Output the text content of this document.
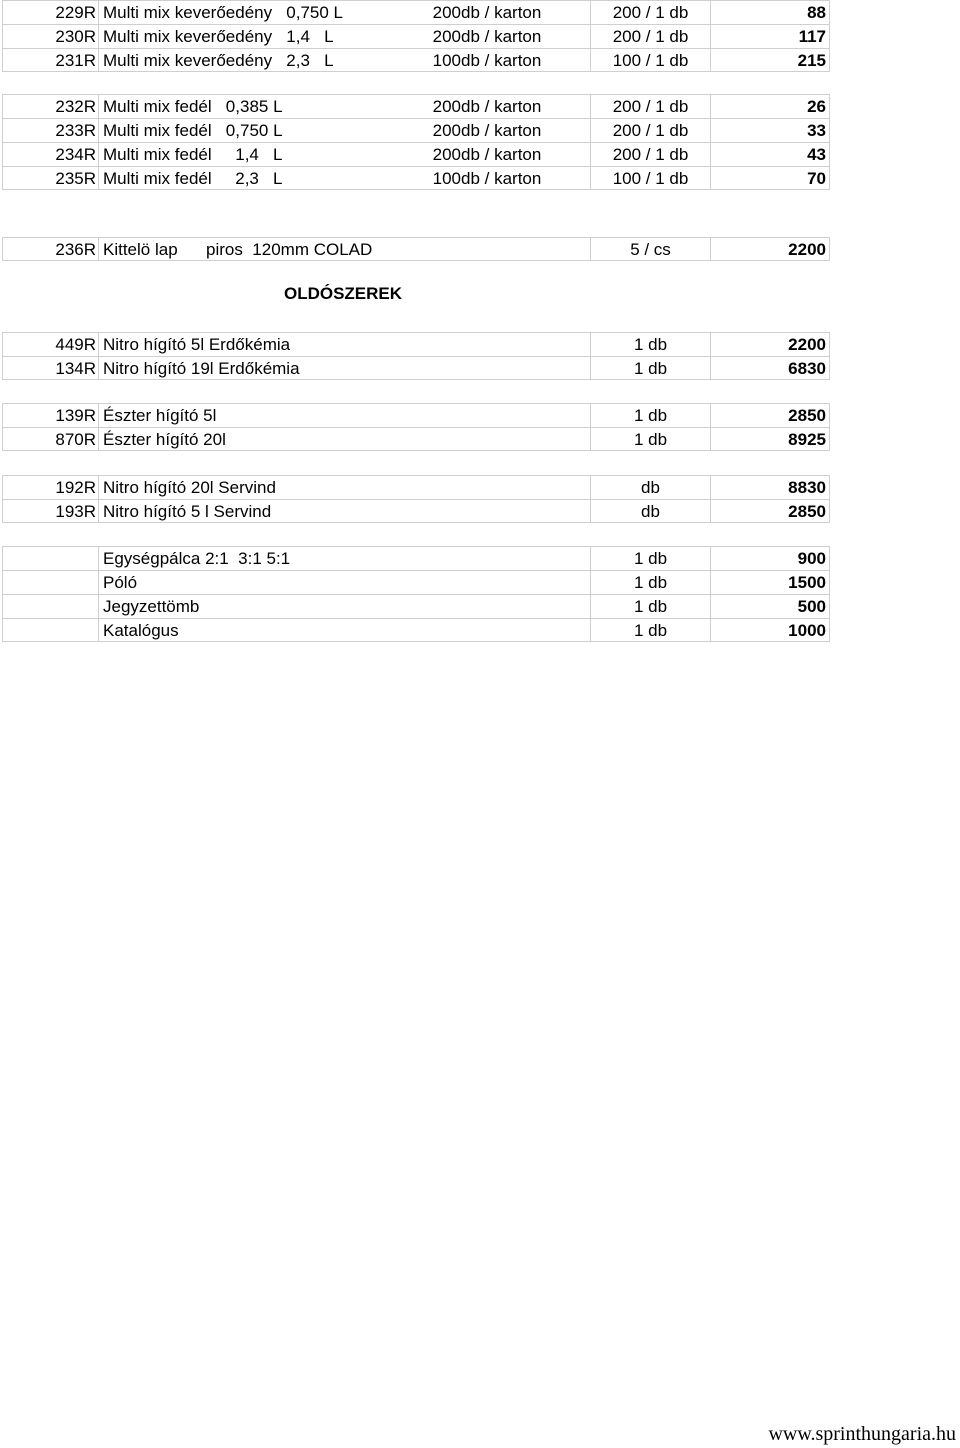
229R Multi mix keverőedény   0,750 L	200db / karton	200 / 1 db	88
230R Multi mix keverőedény   1,4   L	200db / karton	200 / 1 db	117
231R Multi mix keverőedény   2,3   L	100db / karton	100 / 1 db	215
232R Multi mix fedél   0,385 L	200db / karton	200 / 1 db	26
233R Multi mix fedél   0,750 L	200db / karton	200 / 1 db	33
234R Multi mix fedél     1,4   L	200db / karton	200 / 1 db	43
235R Multi mix fedél     2,3   L	100db / karton	100 / 1 db	70
236R Kittelö lap      piros  120mm COLAD	5 / cs	2200
449R Nitro hígító 5l Erdőkémia	1 db	2200
134R Nitro hígító 19l Erdőkémia	1 db	6830
139R Észter hígító 5l	1 db	2850
870R Észter hígító 20l	1 db	8925
192R Nitro hígító 20l Servind	db	8830
193R Nitro hígító 5 l Servind	db	2850
Egységpálca 2:1  3:1 5:1	1 db	900
Póló	1 db	1500
Jegyzettömb	1 db	500
Katalógus	1 db	1000
OLDÓSZEREK
www.sprinthungaria.hu
